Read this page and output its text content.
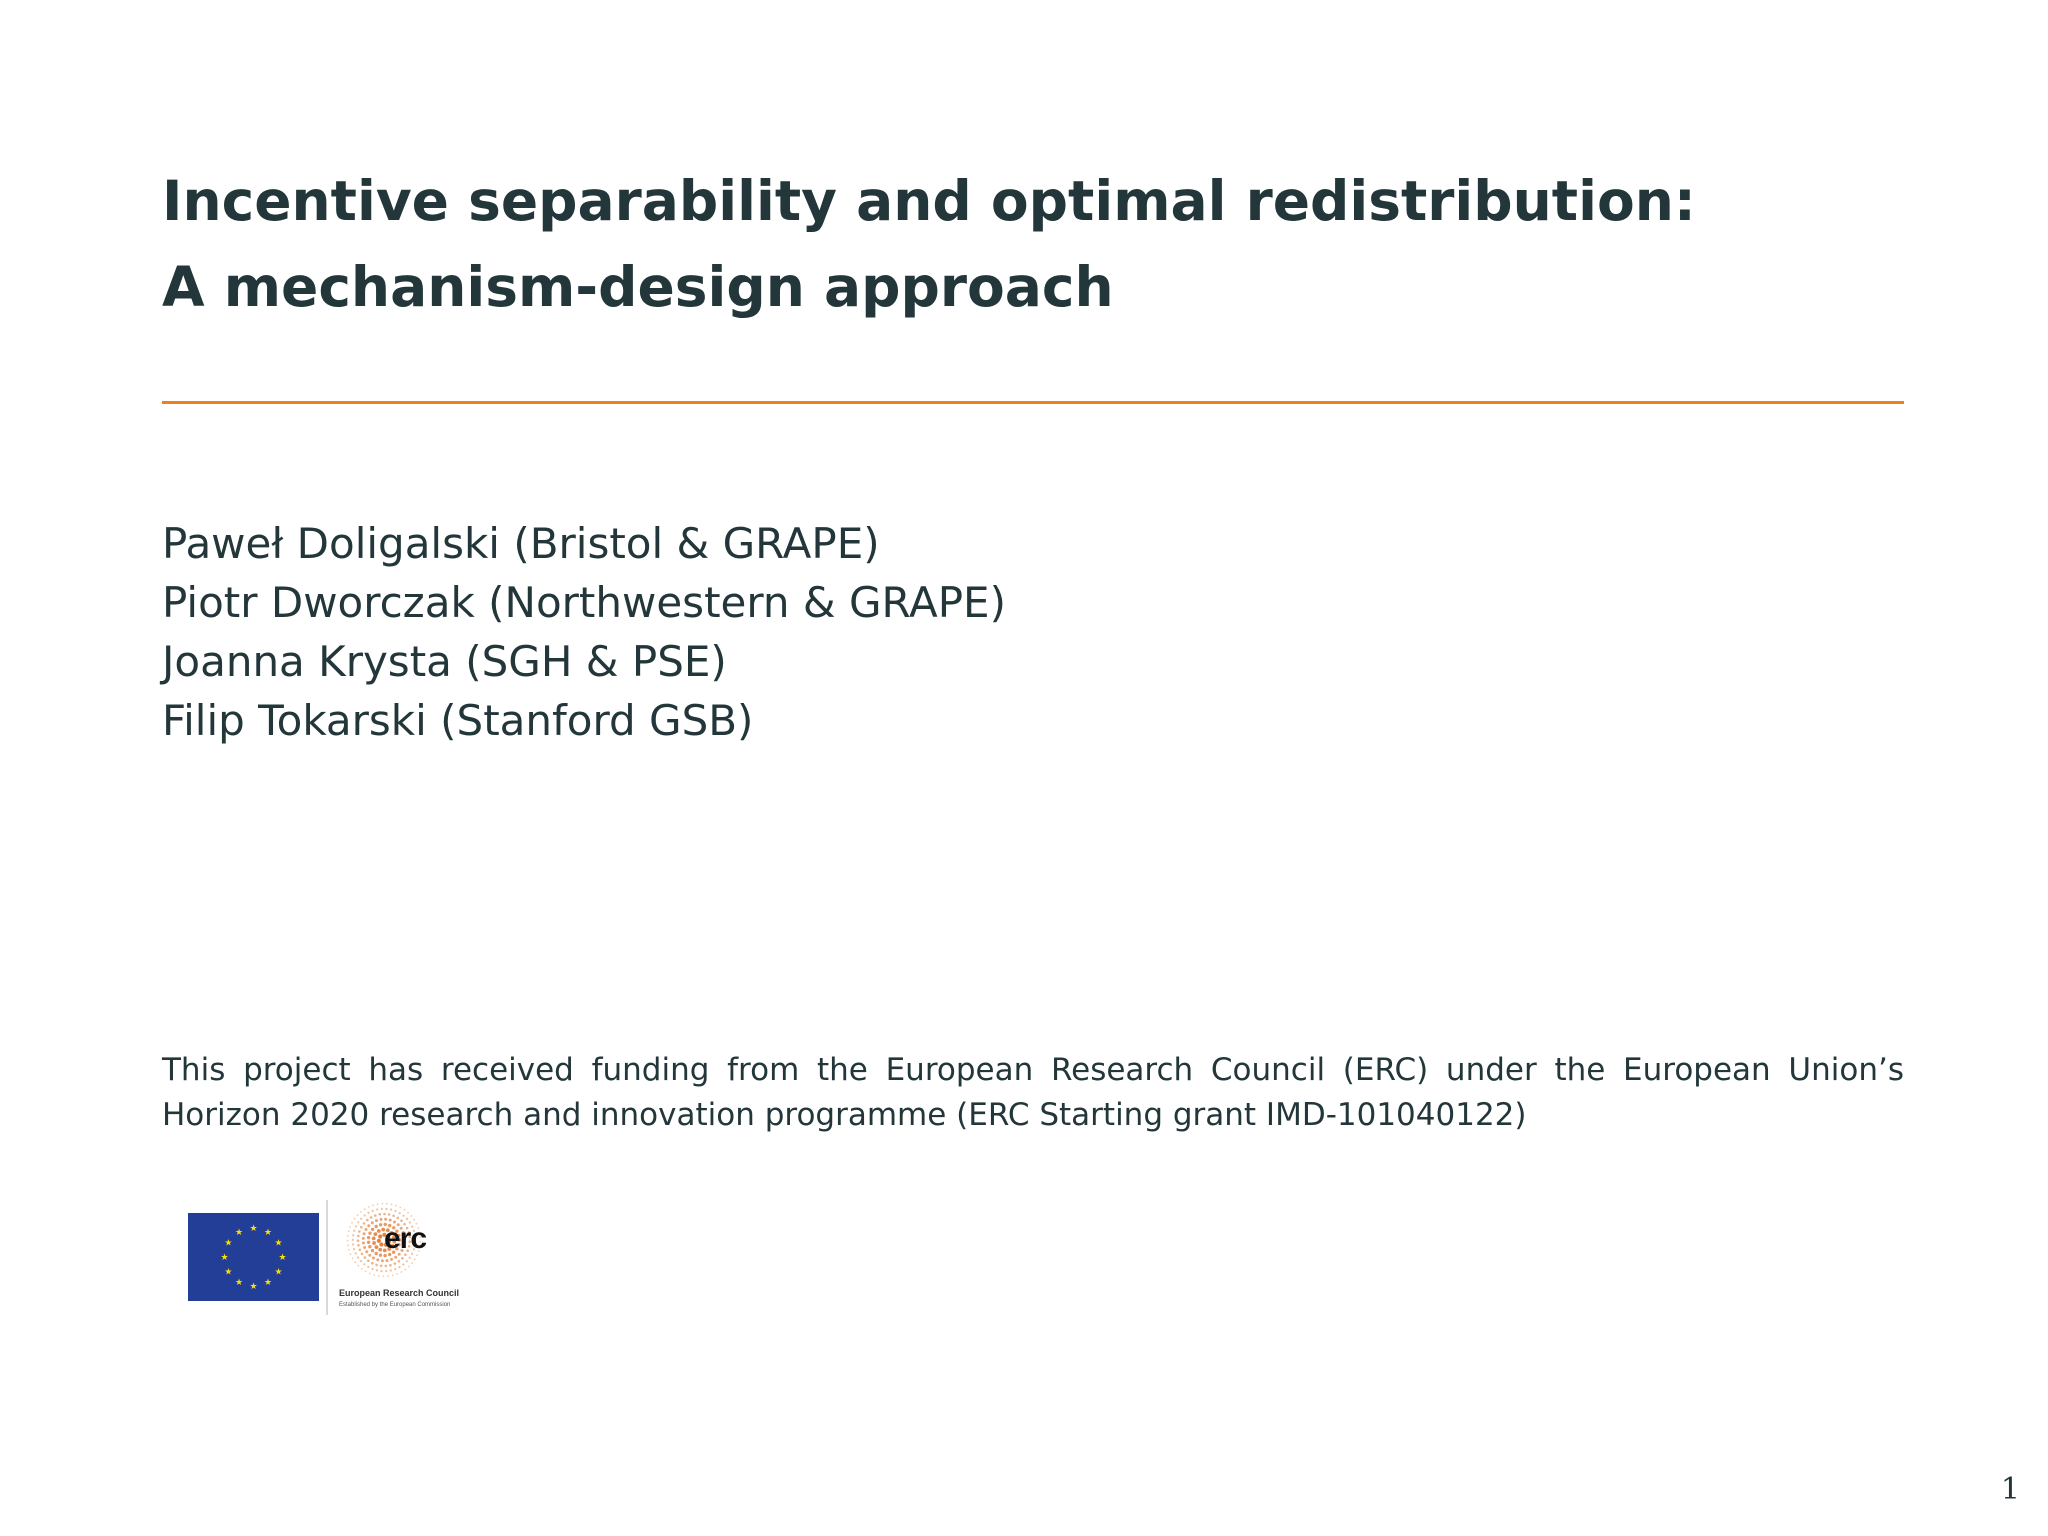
Incentive separability and optimal redistribution:
A mechanism-design approach
Paweł Doligalski (Bristol & GRAPE)
Piotr Dworczak (Northwestern & GRAPE)
Joanna Krysta (SGH & PSE)
Filip Tokarski (Stanford GSB)
This project has received funding from the European Research Council (ERC) under the European Union’s Horizon 2020 research and innovation programme (ERC Starting grant IMD-101040122)
★ ★
★
★
★
★
★
★
★
★
★
★	erc
European Research Council
Established by the European Commission
1
